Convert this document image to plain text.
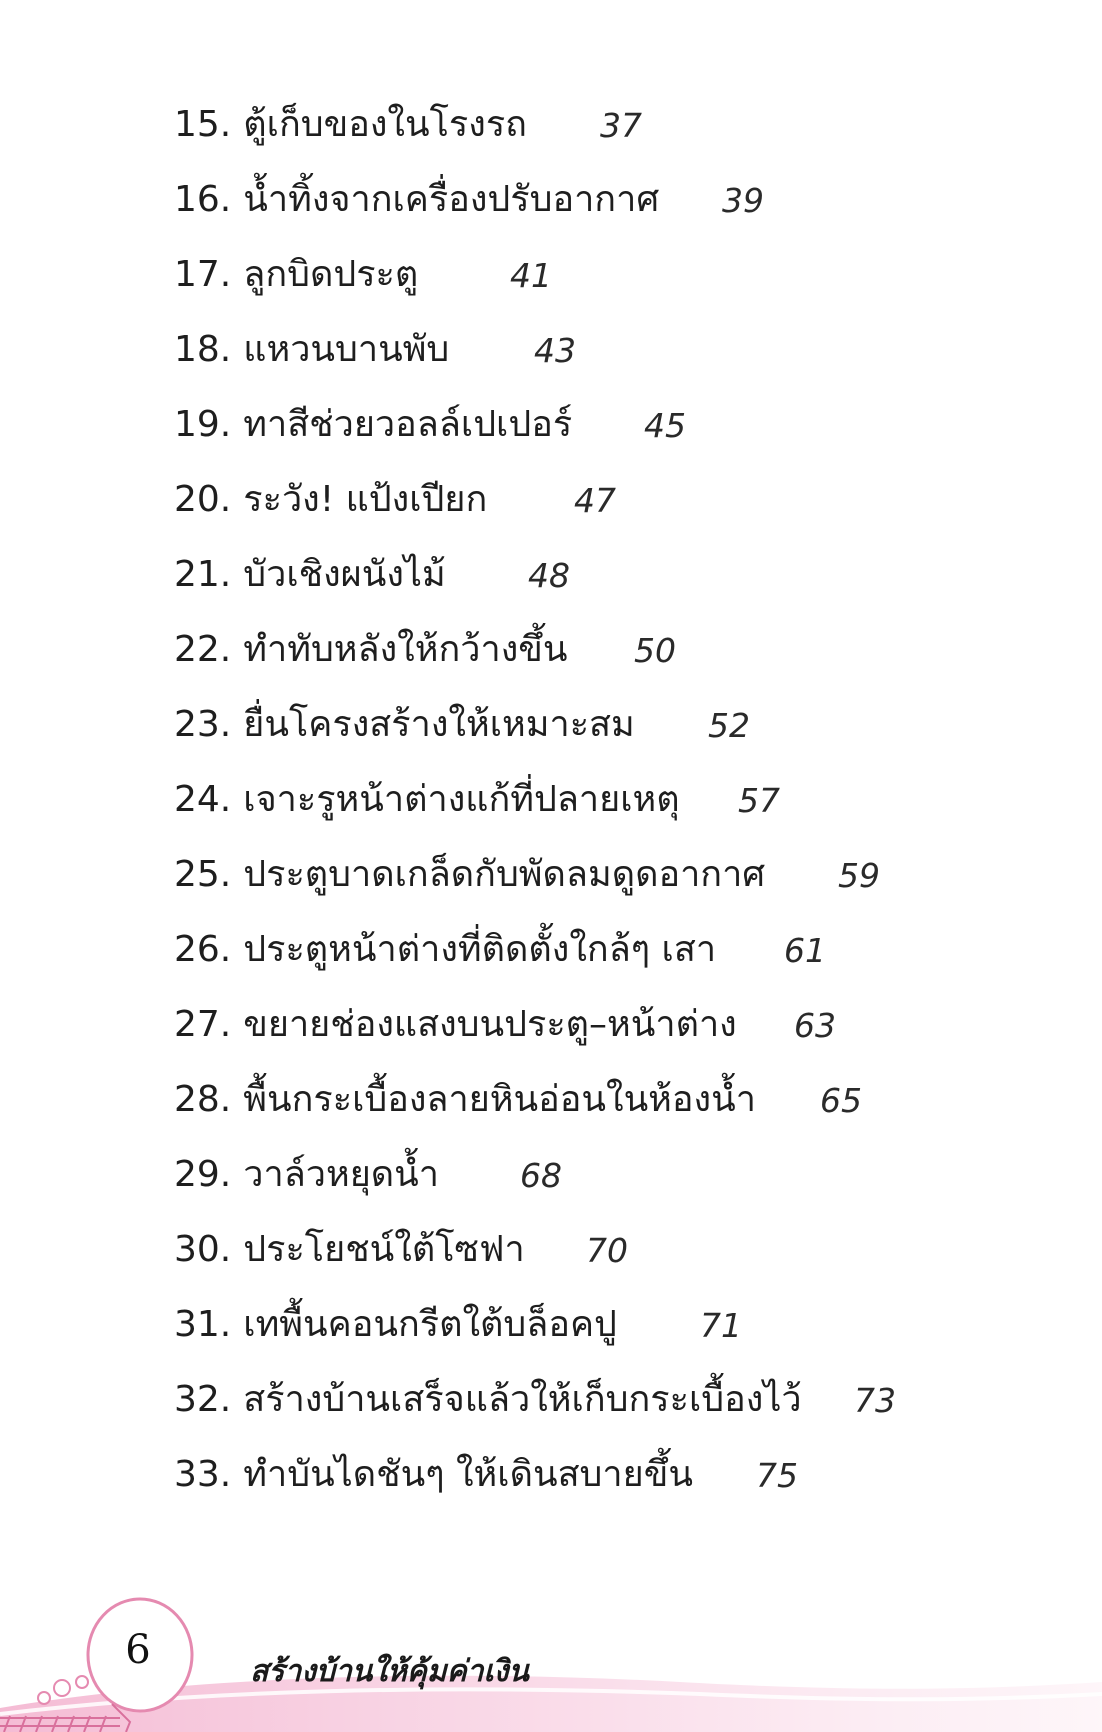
15. ตู้เก็บของในโรงรถ 37
16. น้ำทิ้งจากเครื่องปรับอากาศ 39
17. ลูกบิดประตู	41
18. แหวนบานพับ	43
19. ทาสีช่วยวอลล์เปเปอร์ 45
20. ระวัง! แป้งเปียก	47
21. บัวเชิงผนังไม้ 48
22. ทำทับหลังให้กว้างขึ้น 50
23. ยื่นโครงสร้างให้เหมาะสม 52
24. เจาะรูหน้าต่างแก้ที่ปลายเหตุ 57
25. ประตูบาดเกล็ดกับพัดลมดูดอากาศ 59
26. ประตูหน้าต่างที่ติดตั้งใกล้ๆ เสา 61
27. ขยายช่องแสงบนประตู–หน้าต่าง 63
28. พื้นกระเบื้องลายหินอ่อนในห้องน้ำ 65
29. วาล์วหยุดน้ำ 68
30. ประโยชน์ใต้โซฟา 70
31. เทพื้นคอนกรีตใต้บล็อคปู	71
32. สร้างบ้านเสร็จแล้วให้เก็บกระเบื้องไว้ 73
33. ทำบันไดชันๆ ให้เดินสบายขึ้น 75
6	สร้างบ้านให้คุ้มค่าเงิน
